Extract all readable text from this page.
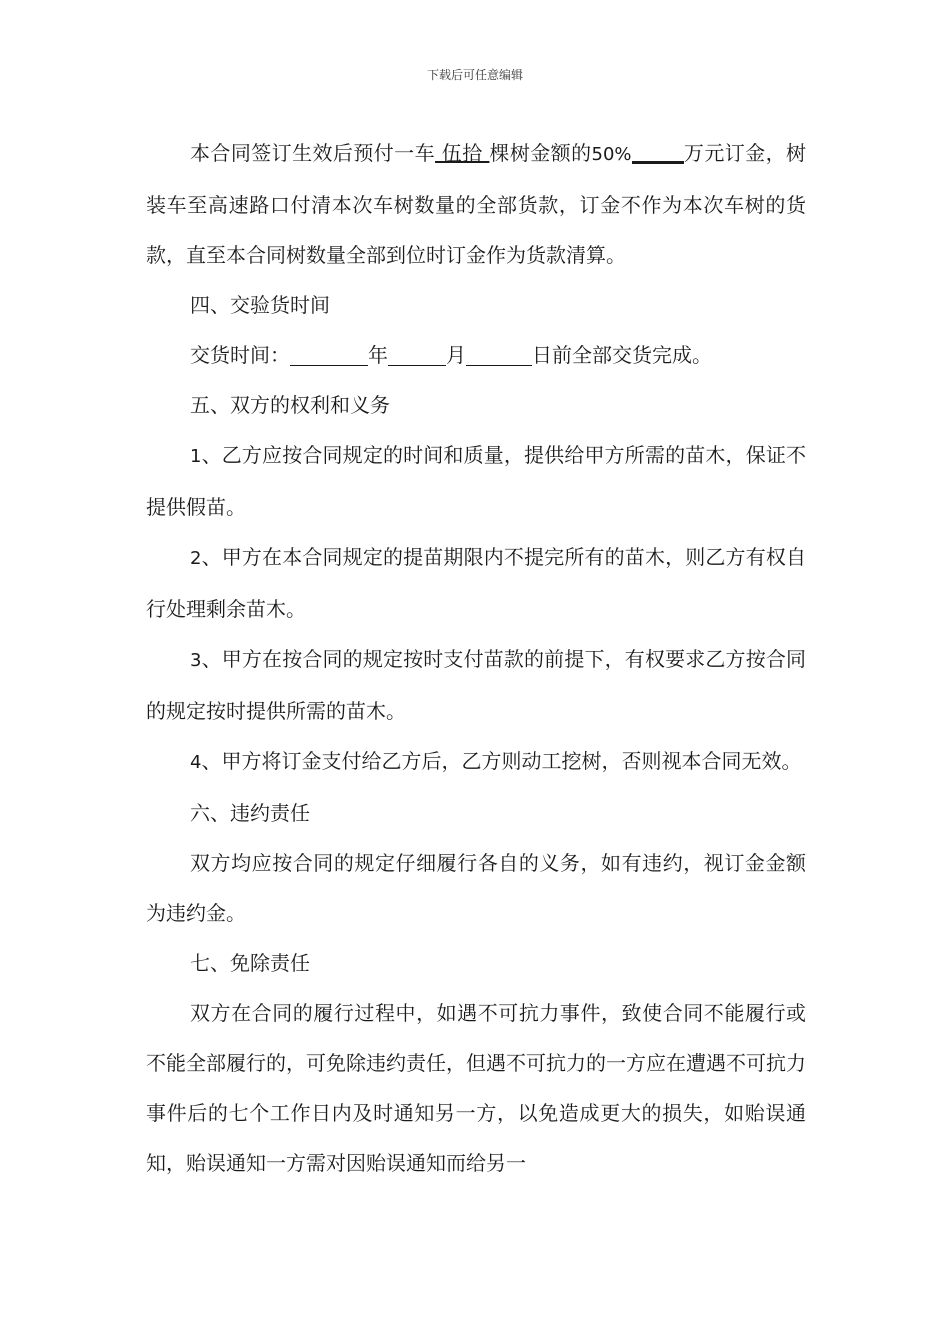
下载后可任意编辑

本合同签订生效后预付一车 伍拾 棵树金额的50%	万元订金，树装车至高速路口付清本次车树数量的全部货款，订金不作为本次车树的货款，直至本合同树数量全部到位时订金作为货款清算。

四、交验货时间

交货时间：	年	月	日前全部交货完成。

五、双方的权利和义务

1、乙方应按合同规定的时间和质量，提供给甲方所需的苗木，保证不提供假苗。

2、甲方在本合同规定的提苗期限内不提完所有的苗木，则乙方有权自行处理剩余苗木。

3、甲方在按合同的规定按时支付苗款的前提下，有权要求乙方按合同的规定按时提供所需的苗木。

4、甲方将订金支付给乙方后，乙方则动工挖树，否则视本合同无效。

六、违约责任

双方均应按合同的规定仔细履行各自的义务，如有违约，视订金金额为违约金。

七、免除责任

双方在合同的履行过程中，如遇不可抗力事件，致使合同不能履行或不能全部履行的，可免除违约责任，但遇不可抗力的一方应在遭遇不可抗力事件后的七个工作日内及时通知另一方，以免造成更大的损失，如贻误通知，贻误通知一方需对因贻误通知而给另一
